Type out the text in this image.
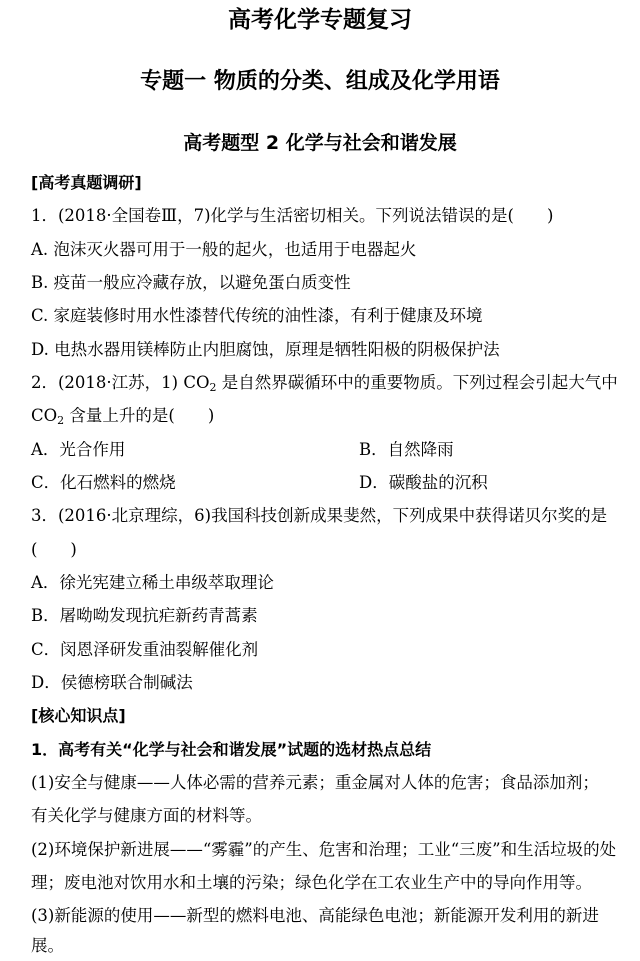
高考化学专题复习
专题一 物质的分类、组成及化学用语
高考题型 2 化学与社会和谐发展
[高考真题调研]
1．(2018·全国卷Ⅲ，7)化学与生活密切相关。下列说法错误的是(　　)
A. 泡沫灭火器可用于一般的起火，也适用于电器起火
B. 疫苗一般应冷藏存放，以避免蛋白质变性
C. 家庭装修时用水性漆替代传统的油性漆，有利于健康及环境
D. 电热水器用镁棒防止内胆腐蚀，原理是牺牲阳极的阴极保护法
2．(2018·江苏，1) $CO_2$ 是自然界碳循环中的重要物质。下列过程会引起大气中
$CO_2$ 含量上升的是(　　)
A．光合作用	B．自然降雨
C．化石燃料的燃烧	D．碳酸盐的沉积
3．(2016·北京理综，6)我国科技创新成果斐然，下列成果中获得诺贝尔奖的是
(　　)
A．徐光宪建立稀土串级萃取理论
B．屠呦呦发现抗疟新药青蒿素
C．闵恩泽研发重油裂解催化剂
D．侯德榜联合制碱法
[核心知识点]
1．高考有关“化学与社会和谐发展”试题的选材热点总结
(1)安全与健康——人体必需的营养元素；重金属对人体的危害；食品添加剂；
有关化学与健康方面的材料等。
(2)环境保护新进展——“雾霾”的产生、危害和治理；工业“三废”和生活垃圾的处
理；废电池对饮用水和土壤的污染；绿色化学在工农业生产中的导向作用等。
(3)新能源的使用——新型的燃料电池、高能绿色电池；新能源开发利用的新进
展。
